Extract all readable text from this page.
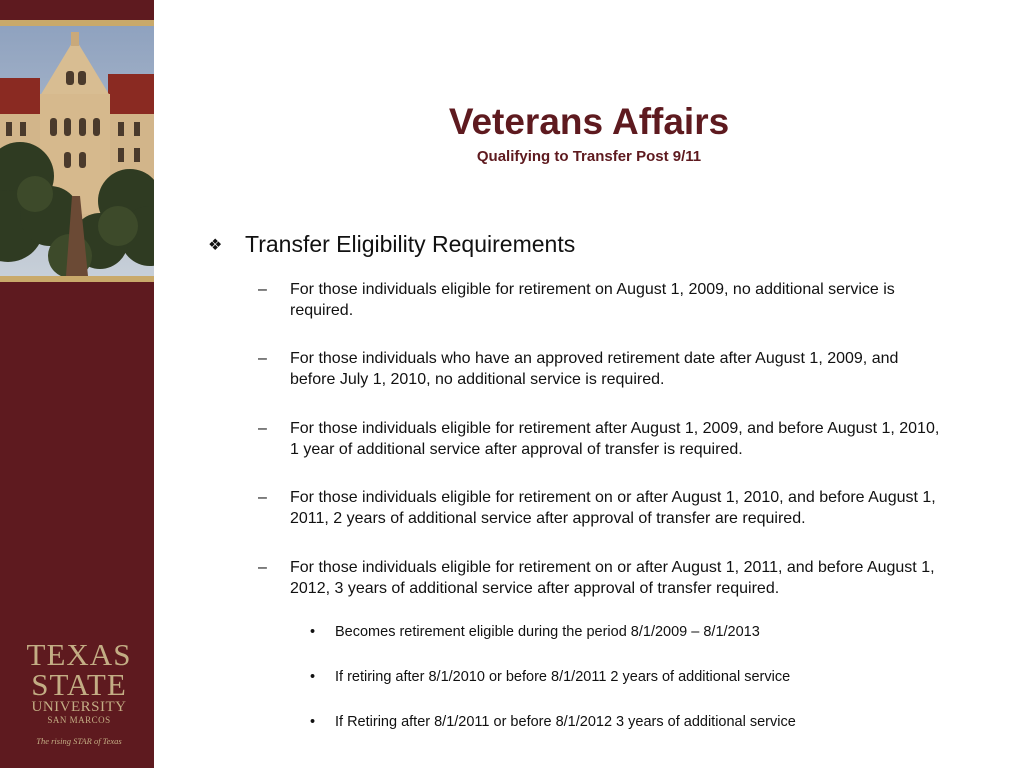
TEXAS
STATE
UNIVERSITY
SAN MARCOS
The rising STAR of Texas
Veterans Affairs
Qualifying to Transfer Post 9/11
❖ Transfer Eligibility Requirements
– For those individuals eligible for retirement on August 1, 2009, no additional service is required.
– For those individuals who have an approved retirement date after August 1, 2009, and before July 1, 2010, no additional service is required.
– For those individuals eligible for retirement after August 1, 2009, and before August 1, 2010, 1 year of additional service after approval of transfer is required.
– For those individuals eligible for retirement on or after August 1, 2010, and before August 1, 2011, 2 years of additional service after approval of transfer are required.
– For those individuals eligible for retirement on or after August 1, 2011, and before August 1, 2012, 3 years of additional service after approval of transfer required.
• Becomes retirement eligible during the period 8/1/2009 – 8/1/2013
• If retiring after 8/1/2010 or before 8/1/2011 2 years of additional service
• If Retiring after 8/1/2011 or before 8/1/2012 3 years of additional service
